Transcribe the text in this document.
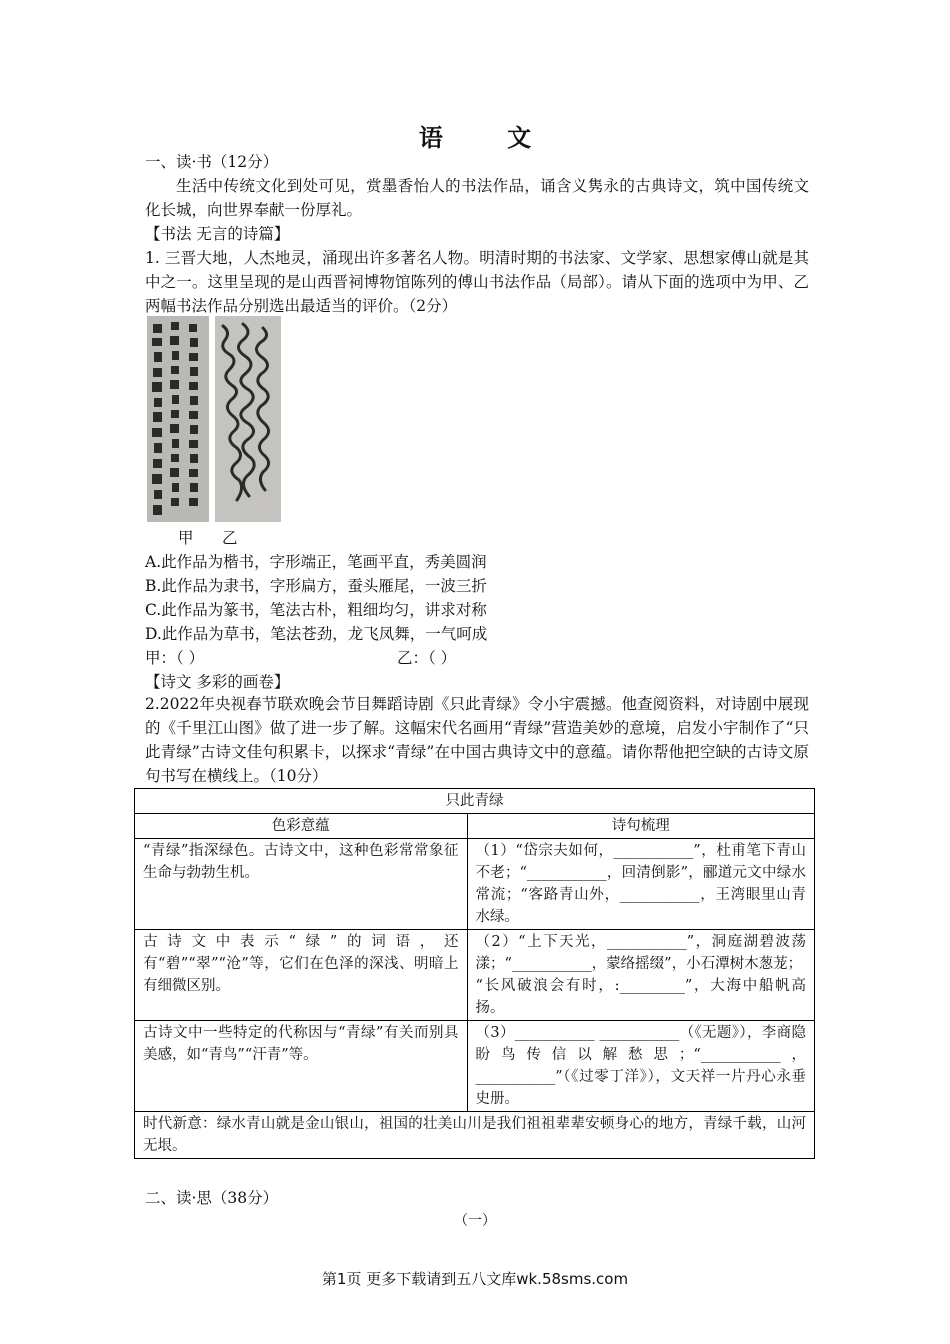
语 文
一、读·书（12分）
生活中传统文化到处可见，赏墨香怡人的书法作品，诵含义隽永的古典诗文，筑中国传统文化长城，向世界奉献一份厚礼。
【书法 无言的诗篇】
1. 三晋大地，人杰地灵，涌现出许多著名人物。明清时期的书法家、文学家、思想家傅山就是其中之一。这里呈现的是山西晋祠博物馆陈列的傅山书法作品（局部）。请从下面的选项中为甲、乙两幅书法作品分别选出最适当的评价。（2分）
甲 乙
A.此作品为楷书，字形端正，笔画平直，秀美圆润
B.此作品为隶书，字形扁方，蚕头雁尾，一波三折
C.此作品为篆书，笔法古朴，粗细均匀，讲求对称
D.此作品为草书，笔法苍劲，龙飞凤舞，一气呵成
甲：（ ）	乙：（ ）
【诗文 多彩的画卷】
2.2022年央视春节联欢晚会节目舞蹈诗剧《只此青绿》令小宇震撼。他查阅资料，对诗剧中展现的《千里江山图》做了进一步了解。这幅宋代名画用“青绿”营造美妙的意境，启发小宇制作了“只此青绿”古诗文佳句积累卡，以探求“青绿”在中国古典诗文中的意蕴。请你帮他把空缺的古诗文原句书写在横线上。（10分）
只此青绿	
色彩意蕴	诗句梳理
“青绿”指深绿色。古诗文中，这种色彩常常象征生命与勃勃生机。	（1）“岱宗夫如何，___________”，杜甫笔下青山不老；“___________，回清倒影”，郦道元文中绿水常流；“客路青山外，___________，王湾眼里山青水绿。
古诗文中表示“绿”的词语，还有“碧”“翠”“沧”等，它们在色泽的深浅、明暗上有细微区别。	（2）“上下天光，___________”，洞庭湖碧波荡漾；“___________，蒙络摇缀”，小石潭树木葱茏；
“长风破浪会有时，:_________”，大海中船帆高扬。

古诗文中一些特定的代称因与“青绿”有关而别具美感，如“青鸟”“汗青”等。	（3）___________ ___________（《无题》），李商隐盼鸟传信以解愁思；“___________，___________”（《过零丁洋》），文天祥一片丹心永垂史册。
时代新意：绿水青山就是金山银山，祖国的壮美山川是我们祖祖辈辈安顿身心的地方，青绿千载，山河无垠。	
二、读·思（38分）
（一）
第1页 更多下载请到五八文库wk.58sms.com
